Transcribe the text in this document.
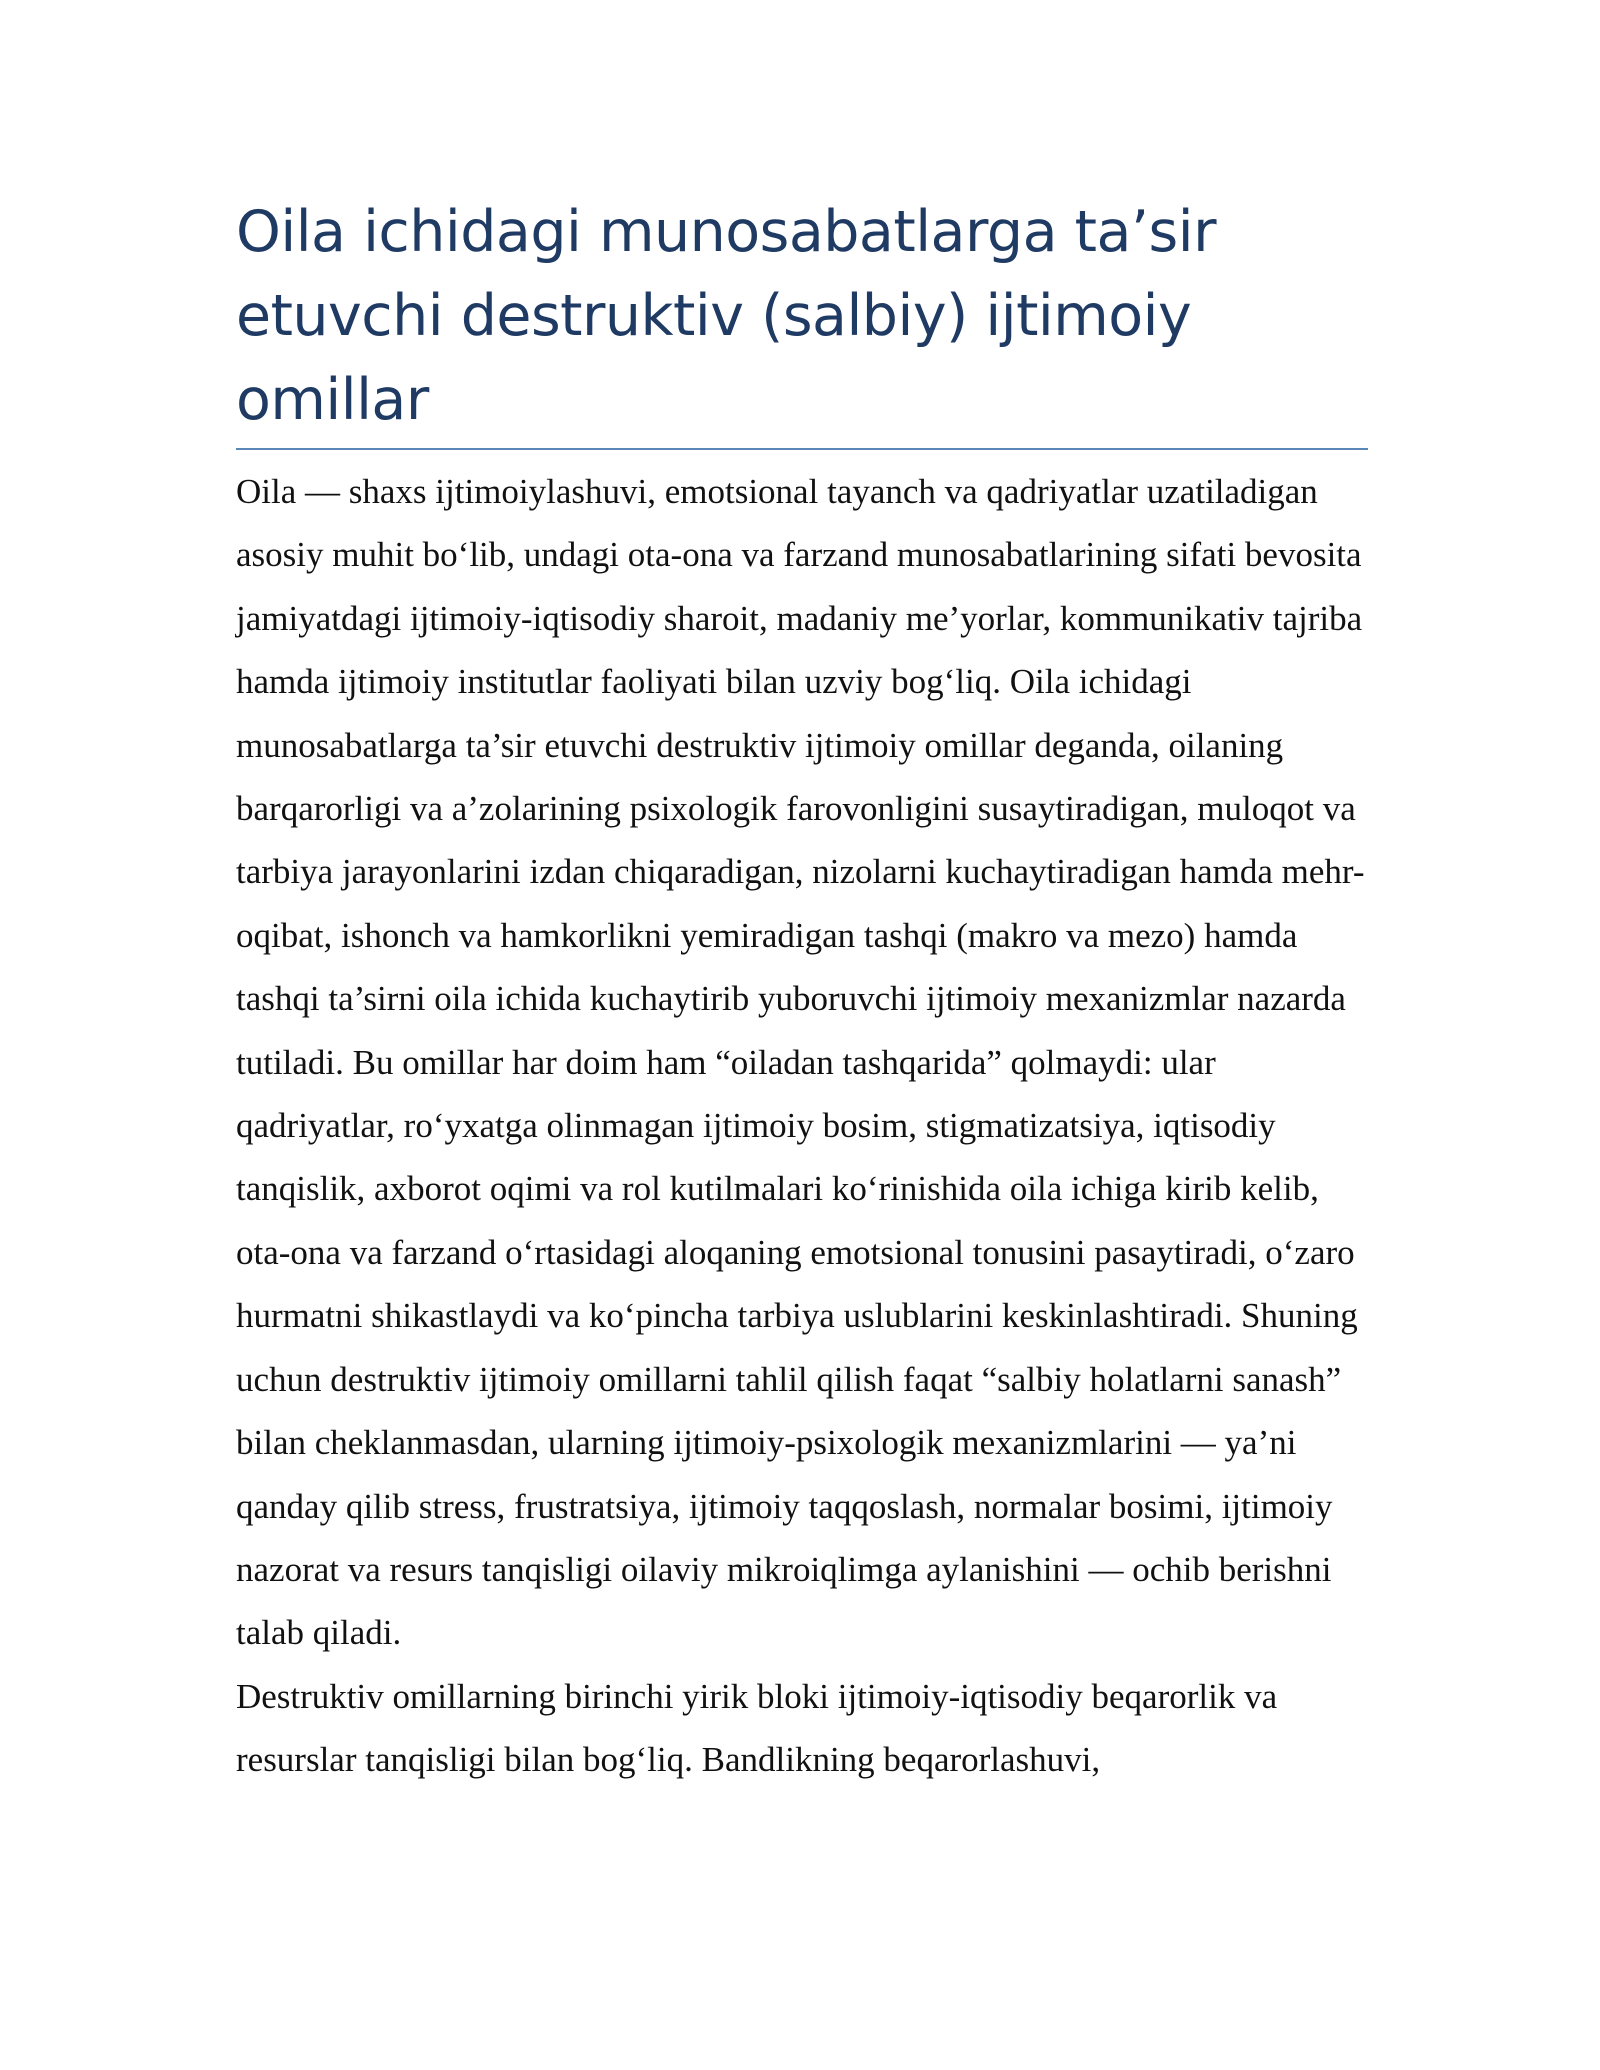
Oila ichidagi munosabatlarga ta’sir etuvchi destruktiv (salbiy) ijtimoiy omillar

Oila — shaxs ijtimoiylashuvi, emotsional tayanch va qadriyatlar uzatiladigan asosiy muhit bo‘lib, undagi ota-ona va farzand munosabatlarining sifati bevosita jamiyatdagi ijtimoiy-iqtisodiy sharoit, madaniy me’yorlar, kommunikativ tajriba hamda ijtimoiy institutlar faoliyati bilan uzviy bog‘liq. Oila ichidagi munosabatlarga ta’sir etuvchi destruktiv ijtimoiy omillar deganda, oilaning barqarorligi va a’zolarining psixologik farovonligini susaytiradigan, muloqot va tarbiya jarayonlarini izdan chiqaradigan, nizolarni kuchaytiradigan hamda mehr-oqibat, ishonch va hamkorlikni yemiradigan tashqi (makro va mezo) hamda tashqi ta’sirni oila ichida kuchaytirib yuboruvchi ijtimoiy mexanizmlar nazarda tutiladi. Bu omillar har doim ham “oiladan tashqarida” qolmaydi: ular qadriyatlar, ro‘yxatga olinmagan ijtimoiy bosim, stigmatizatsiya, iqtisodiy tanqislik, axborot oqimi va rol kutilmalari ko‘rinishida oila ichiga kirib kelib, ota-ona va farzand o‘rtasidagi aloqaning emotsional tonusini pasaytiradi, o‘zaro hurmatni shikastlaydi va ko‘pincha tarbiya uslublarini keskinlashtiradi. Shuning uchun destruktiv ijtimoiy omillarni tahlil qilish faqat “salbiy holatlarni sanash” bilan cheklanmasdan, ularning ijtimoiy-psixologik mexanizmlarini — ya’ni qanday qilib stress, frustratsiya, ijtimoiy taqqoslash, normalar bosimi, ijtimoiy nazorat va resurs tanqisligi oilaviy mikroiqlimga aylanishini — ochib berishni talab qiladi.

Destruktiv omillarning birinchi yirik bloki ijtimoiy-iqtisodiy beqarorlik va resurslar tanqisligi bilan bog‘liq. Bandlikning beqarorlashuvi,
